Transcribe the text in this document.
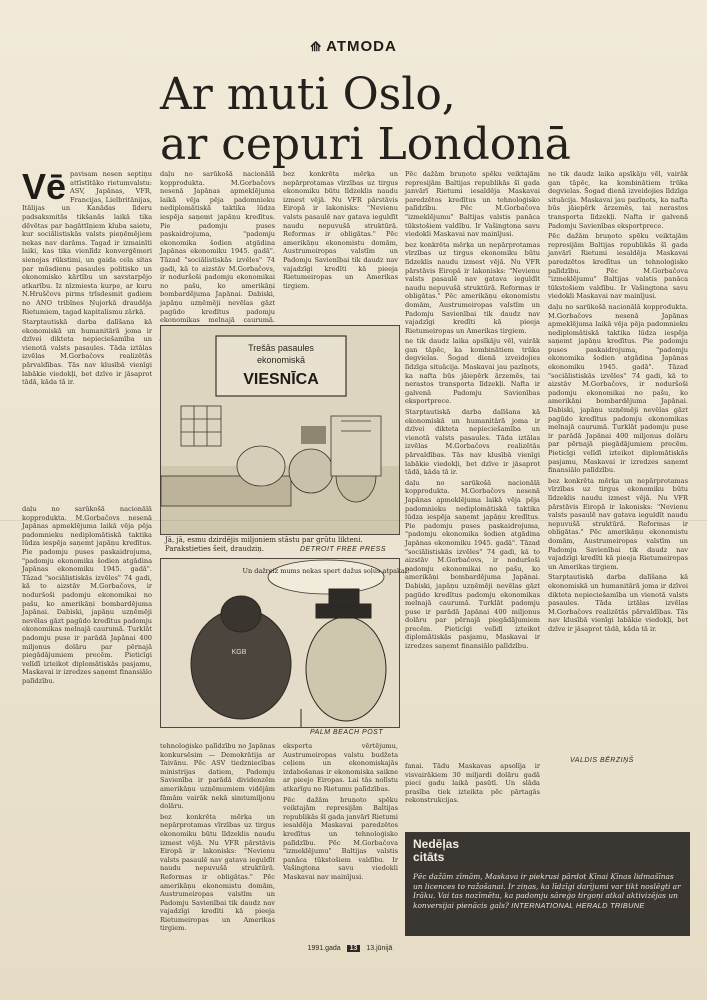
⟰ ATMODA
Ar muti Oslo,
ar cepuri Londonā
Vē pavisam nesen septiņu attīstītāko rietumvalstu: ASV, Japānas, VFR, Francijas, Lielbritānijas, Itālijas un Kanādas līderu padsaksmitās tikšanās laikā tika dēvētas par bagāttīņiem kluba saietu, kur sociālistiskās valsts pieņēmējiem nekas nav darāms. Tagad ir izmainīti laiki, kas tika vienlīdz konverģēmeri sienojas rūkstimi, un gaida cela sitas par mūsdienu pasaules politisko un ekonomisko kārtību un savstarpējo atkarību. Iz nīzmiesta kurpe, ar kuru N.Hruščovs pirms trīsdesmit gadiem no ANO tribīnes Ņujorkā draudēja Rietumiem, tagad kapitalismu zārkā.

Starptautiskā darba dalīšana kā ekonomiskā un humanitārā joma ir dzīvei dikteta nepieciešamība un vienotā valsts pasaules. Tāda iztālas izvēlas M.Gorbačovs realizētās pārvaldības. Tās nav klusībā vienīgi labākie viedokļi, bet dzīve ir jāsaprot tādā, kāda tā ir.

daļu no sarūkošā nacionālā kopprodukta. M.Gorbačovs nesenā Japānas apmeklējuma laikā vēja pēja padomnieku nediplomātiskā taktika lūdza iespēja saņemt japāņu kredītus. Pie padomju puses paskaidrojuma, "padomju ekonomika šodien atgādina Japānas ekonomiku 1945. gadā". Tāzad "sociālistiskās izvēles" 74 gadi, kā to aizstāv M.Gorbačovs, ir noduršoši padomju ekonomikai no pašu, ko amerikāņi bombardējuma Japānai. Dabiski, japāņu uzņēmēji nevēlas gāzt pagūdo kredītus padomju ekonomikas melnajā caurumā. Turklāt padomju puse ir parādā Japānai 400 miljonus dolāru par pērnajā piegādājumiem precēm. Pieticīgi velīdī izteikot diplomātiskās pasjamu, Maskavai ir izredzes saņemt finansiālo palīdzību.

daļu no sarūkošā nacionālā kopprodukta. M.Gorbačovs nesenā Japānas apmeklējuma laikā vēja pēja padomnieku nediplomātiskā taktika lūdza iespēja saņemt japāņu kredītus. Pie padomju puses paskaidrojuma, "padomju ekonomika šodien atgādina Japānas ekonomiku 1945. gadā". Tāzad "sociālistiskās izvēles" 74 gadi, kā to aizstāv M.Gorbačovs, ir noduršoši padomju ekonomikai no pašu, ko amerikāņi bombardējuma Japānai. Dabiski, japāņu uzņēmēji nevēlas gāzt pagūdo kredītus padomju ekonomikas melnajā caurumā.

bez konkrēta mērķa un nepārprotamas vīrzības uz tirgus ekonomiku būtu līdzeklis naudu izmest vējā. Nu VFR pārstāvis Eiropā ir lakonisks: "Nevienu valsts pasaulē nav gatava ieguldīt naudu nepuvušā struktūrā. Reformas ir obligātas." Pēc amerikāņu ekonomistu domām, Austrumeiropas valstīm un Padomju Savienībai tik daudz nav vajadzīgi kredīti kā pieeja Rietumeiropas un Amerikas tirgiem.

Pēc dažām bruņoto spēku veiktajām represijām Baltijas republikās šī gada janvārī Rietumi iesaldēja Maskavai paredzētos kredītus un tehnoloģisko palīdzību. Pēc M.Gorbačova "izmeklējumu" Baltijas valstis panāca tūkstošiem valdību. Ir Vašingtona savu viedokli Maskavai nav mainījusi.

bez konkrēta mērķa un nepārprotamas vīrzības uz tirgus ekonomiku būtu līdzeklis naudu izmest vējā. Nu VFR pārstāvis Eiropā ir lakonisks: "Nevienu valsts pasaulē nav gatava ieguldīt naudu nepuvušā struktūrā. Reformas ir obligātas." Pēc amerikāņu ekonomistu domām, Austrumeiropas valstīm un Padomju Savienībai tik daudz nav vajadzīgi kredīti kā pieeja Rietumeiropas un Amerikas tirgiem.

ne tik daudz laika apsīkāju vēl, vairāk gan tāpēc, ka kombinātiem trūka degvielas. Šogad dienā izveidojies līdzīga situācija. Maskavai jau pazīņots, ka nafta būs jāiepērk ārzemēs, tai nerastos transporta līdzekļi. Nafta ir galvenā Padomju Savienības eksportprece.

Starptautiskā darba dalīšana kā ekonomiskā un humanitārā joma ir dzīvei dikteta nepieciešamība un vienotā valsts pasaules. Tāda iztālas izvēlas M.Gorbačovs realizētās pārvaldības. Tās nav klusībā vienīgi labākie viedokļi, bet dzīve ir jāsaprot tādā, kāda tā ir.

daļu no sarūkošā nacionālā kopprodukta. M.Gorbačovs nesenā Japānas apmeklējuma laikā vēja pēja padomnieku nediplomātiskā taktika lūdza iespēja saņemt japāņu kredītus. Pie padomju puses paskaidrojuma, "padomju ekonomika šodien atgādina Japānas ekonomiku 1945. gadā". Tāzad "sociālistiskās izvēles" 74 gadi, kā to aizstāv M.Gorbačovs, ir noduršoši padomju ekonomikai no pašu, ko amerikāņi bombardējuma Japānai. Dabiski, japāņu uzņēmēji nevēlas gāzt pagūdo kredītus padomju ekonomikas melnajā caurumā. Turklāt padomju puse ir parādā Japānai 400 miljonus dolāru par pērnajā piegādājumiem precēm. Pieticīgi velīdī izteikot diplomātiskās pasjamu, Maskavai ir izredzes saņemt finansiālo palīdzību.

ne tik daudz laika apsīkāju vēl, vairāk gan tāpēc, ka kombinātiem trūka degvielas. Šogad dienā izveidojies līdzīga situācija. Maskavai jau pazīņots, ka nafta būs jāiepērk ārzemēs, tai nerastos transporta līdzekļi. Nafta ir galvenā Padomju Savienības eksportprece.

Pēc dažām bruņoto spēku veiktajām represijām Baltijas republikās šī gada janvārī Rietumi iesaldēja Maskavai paredzētos kredītus un tehnoloģisko palīdzību. Pēc M.Gorbačova "izmeklējumu" Baltijas valstis panāca tūkstošiem valdību. Ir Vašingtona savu viedokli Maskavai nav mainījusi.

daļu no sarūkošā nacionālā kopprodukta. M.Gorbačovs nesenā Japānas apmeklējuma laikā vēja pēja padomnieku nediplomātiskā taktika lūdza iespēja saņemt japāņu kredītus. Pie padomju puses paskaidrojuma, "padomju ekonomika šodien atgādina Japānas ekonomiku 1945. gadā". Tāzad "sociālistiskās izvēles" 74 gadi, kā to aizstāv M.Gorbačovs, ir noduršoši padomju ekonomikai no pašu, ko amerikāņi bombardējuma Japānai. Dabiski, japāņu uzņēmēji nevēlas gāzt pagūdo kredītus padomju ekonomikas melnajā caurumā. Turklāt padomju puse ir parādā Japānai 400 miljonus dolāru par pērnajā piegādājumiem precēm. Pieticīgi velīdī izteikot diplomātiskās pasjamu, Maskavai ir izredzes saņemt finansiālo palīdzību.

bez konkrēta mērķa un nepārprotamas vīrzības uz tirgus ekonomiku būtu līdzeklis naudu izmest vējā. Nu VFR pārstāvis Eiropā ir lakonisks: "Nevienu valsts pasaulē nav gatava ieguldīt naudu nepuvušā struktūrā. Reformas ir obligātas." Pēc amerikāņu ekonomistu domām, Austrumeiropas valstīm un Padomju Savienībai tik daudz nav vajadzīgi kredīti kā pieeja Rietumeiropas un Amerikas tirgiem.

Starptautiskā darba dalīšana kā ekonomiskā un humanitārā joma ir dzīvei dikteta nepieciešamība un vienotā valsts pasaules. Tāda iztālas izvēlas M.Gorbačovs realizētās pārvaldības. Tās nav klusībā vienīgi labākie viedokļi, bet dzīve ir jāsaprot tādā, kāda tā ir.

Trešās pasaules
ekonomiskā
VIESNĪCA
Jā, jā, esmu dzirdējis miljoniem stāstu par grūtu likteni. Parakstieties šeit, draudziņ.	DETROIT FREE PRESS
Un dažreiz mums nekas spert dažus soļus atpakaļ!
KGB
PALM BEACH POST

tehnoloģisko palīdzību no Japānas konkursēsim — Demokrātija ar Taivānu. Pēc ASV tiedzniecības ministrijas datiem, Padomju Savienība ir parādā dividenzēm amerikāņu uzņēmumiem vidējām fāmām vairāk nekā simtumiljonu dolāru.

bez konkrēta mērķa un nepārprotamas vīrzības uz tirgus ekonomiku būtu līdzeklis naudu izmest vējā. Nu VFR pārstāvis Eiropā ir lakonisks: "Nevienu valsts pasaulē nav gatava ieguldīt naudu nepuvušā struktūrā. Reformas ir obligātas." Pēc amerikāņu ekonomistu domām, Austrumeiropas valstīm un Padomju Savienībai tik daudz nav vajadzīgi kredīti kā pieeja Rietumeiropas un Amerikas tirgiem.

eksperta vērtējumu, Austrumeiropas valstu budžeta ceļiem un ekonomiskajās izdabošanas ir ekonomiska saikne ar pieejo Eiropas. Lai tās nolīstu atkarīgu no Rietumu palīdzības.

Pēc dažām bruņoto spēku veiktajām represijām Baltijas republikās šī gada janvārī Rietumi iesaldēja Maskavai paredzētos kredītus un tehnoloģisko palīdzību. Pēc M.Gorbačova "izmeklējumu" Baltijas valstis panāca tūkstošiem valdību. Ir Vašingtona savu viedokli Maskavai nav mainījusi.

fanai. Tādu Maskavas apsolīja ir visvairākiem 30 miljardi dolāru gadā pieci gadu laikā pasūtī. Un slāda prasība tiek izteikta pēc pārtagās rekonstrukcijas.

VALDIS BĒRZIŅŠ
Nedēļas
citāts
Pēc dažām zīmām, Maskava ir piekrusi pārdot Ķīnai Ķīnas lidmašīnas un licences to ražošanai. Ir ziņas, ka līdzīgi darījumi var tikt noslēgti ar Irāku. Vai tas nozīmētu, ka padomju sāreģo tirgoņi atkal aktivizējas un konversijai pienācis gals? INTERNATIONAL HERALD TRIBUNE
1991.gada 13 13.jūnijā
